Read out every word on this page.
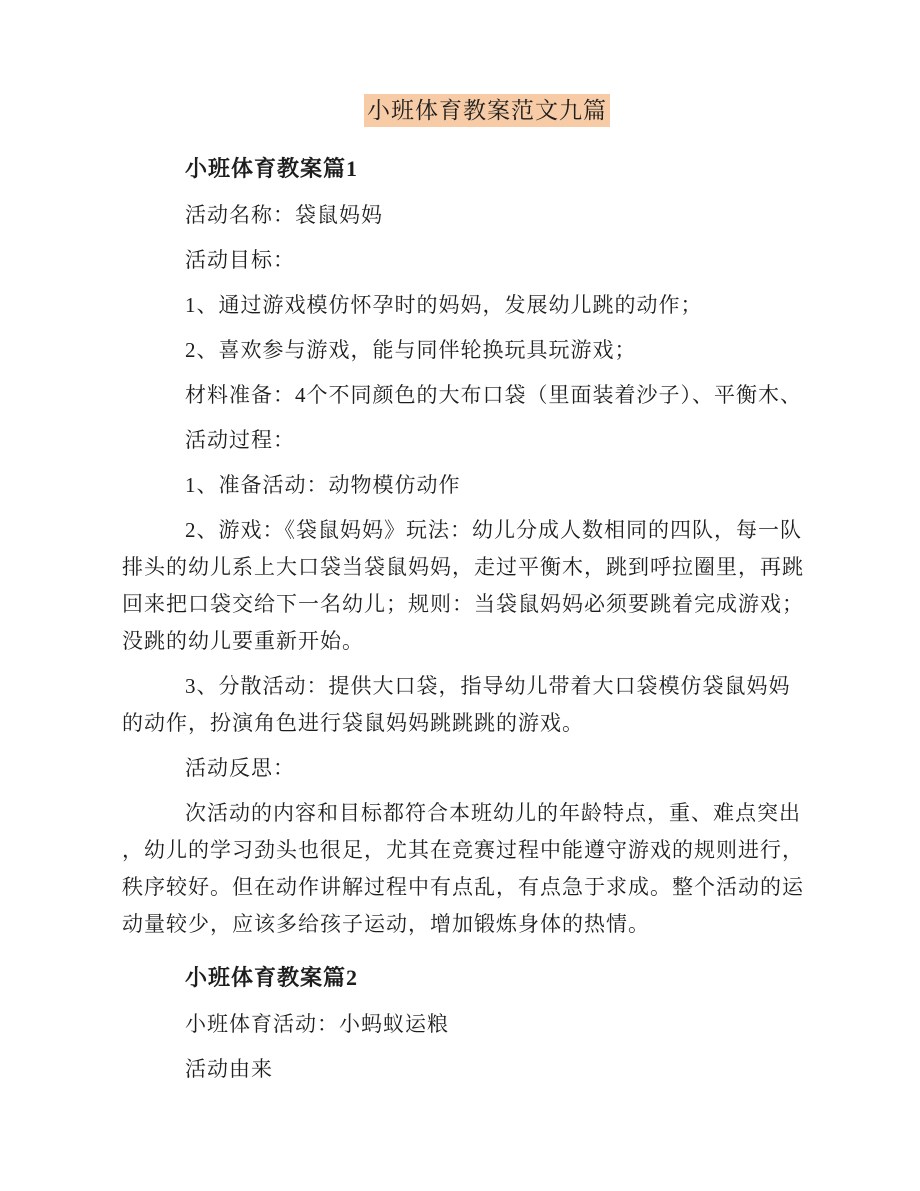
小班体育教案范文九篇
小班体育教案篇1

活动名称：袋鼠妈妈

活动目标：

1、通过游戏模仿怀孕时的妈妈，发展幼儿跳的动作；

2、喜欢参与游戏，能与同伴轮换玩具玩游戏；

材料准备：4个不同颜色的大布口袋（里面装着沙子）、平衡木、

活动过程：

1、准备活动：动物模仿动作

2、游戏：《袋鼠妈妈》玩法：幼儿分成人数相同的四队，每一队排头的幼儿系上大口袋当袋鼠妈妈，走过平衡木，跳到呼拉圈里，再跳回来把口袋交给下一名幼儿；规则：当袋鼠妈妈必须要跳着完成游戏；没跳的幼儿要重新开始。

3、分散活动：提供大口袋，指导幼儿带着大口袋模仿袋鼠妈妈的动作，扮演角色进行袋鼠妈妈跳跳跳的游戏。

活动反思：

次活动的内容和目标都符合本班幼儿的年龄特点，重、难点突出，幼儿的学习劲头也很足，尤其在竞赛过程中能遵守游戏的规则进行，秩序较好。但在动作讲解过程中有点乱，有点急于求成。整个活动的运动量较少，应该多给孩子运动，增加锻炼身体的热情。

小班体育教案篇2

小班体育活动：小蚂蚁运粮

活动由来
